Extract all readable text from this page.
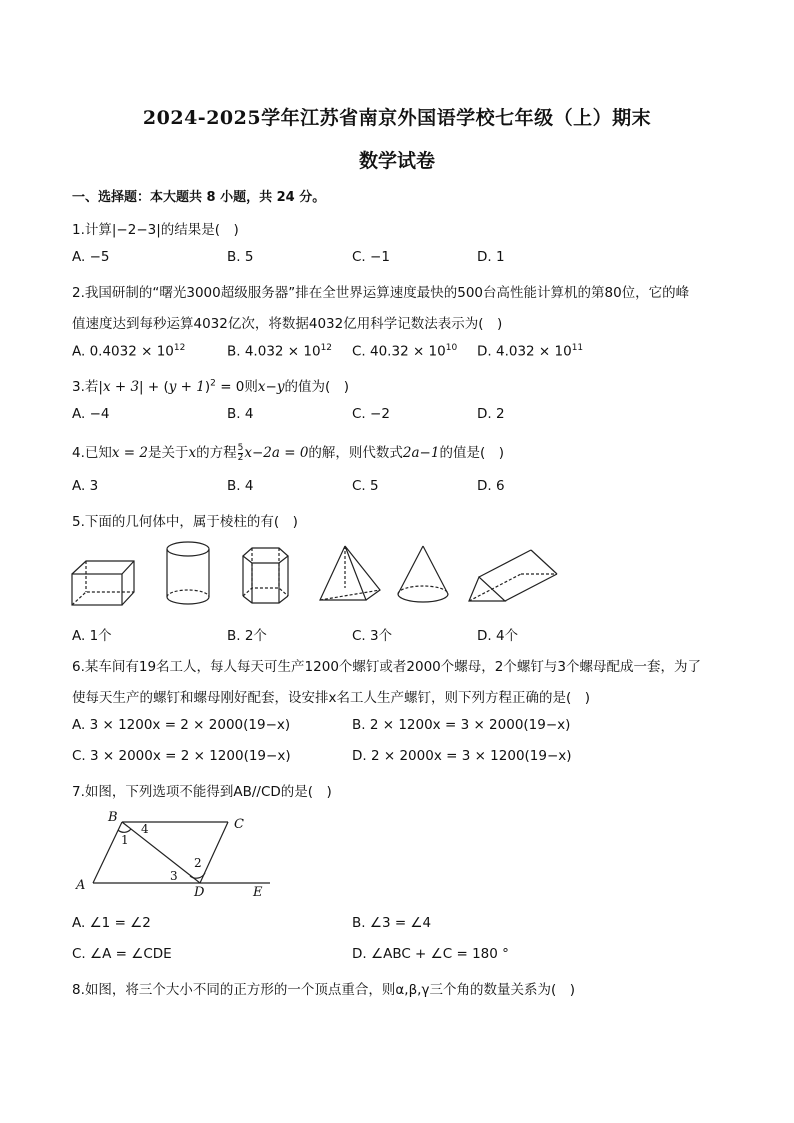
2024-2025学年江苏省南京外国语学校七年级（上）期末
数学试卷
一、选择题：本大题共 8 小题，共 24 分。
1.计算|−2−3|的结果是(　)
A. −5	B. 5	C. −1	D. 1
2.我国研制的“曙光3000超级服务器”排在全世界运算速度最快的500台高性能计算机的第80位，它的峰
值速度达到每秒运算4032亿次，将数据4032亿用科学记数法表示为(　)
A. $0.4032 \times 10^{12}$	B. $4.032 \times 10^{12}$ C. $40.32 \times 10^{10}$ D. $4.032 \times 10^{11}$
3.若$|x + 3| + (y + 1)^2 = 0$则x−y的值为(　)
A. −4	B. 4	C. −2	D. 2
4.已知x = 2是关于x的方程 $\frac{5}{2} x-2a = 0$的解，则代数式2a−1的值是(　)
A. 3	B. 4	C. 5	D. 6
5.下面的几何体中，属于棱柱的有(　)
A. 1个	B. 2个	C. 3个	D. 4个
6.某车间有19名工人，每人每天可生产1200个螺钉或者2000个螺母，2个螺钉与3个螺母配成一套，为了
使每天生产的螺钉和螺母刚好配套，设安排x名工人生产螺钉，则下列方程正确的是(　)
A. 3 × 1200x = 2 × 2000(19−x)	B. 2 × 1200x = 3 × 2000(19−x)
C. 3 × 2000x = 2 × 1200(19−x)	D. 2 × 2000x = 3 × 1200(19−x)
7.如图，下列选项不能得到AB//CD的是(　)
B	C
A	D	E
1
4
2
3
A. ∠1 = ∠2	B. ∠3 = ∠4
C. ∠A = ∠CDE	D. ∠ABC + ∠C = 180 °
8.如图，将三个大小不同的正方形的一个顶点重合，则α,β,γ三个角的数量关系为(　)
